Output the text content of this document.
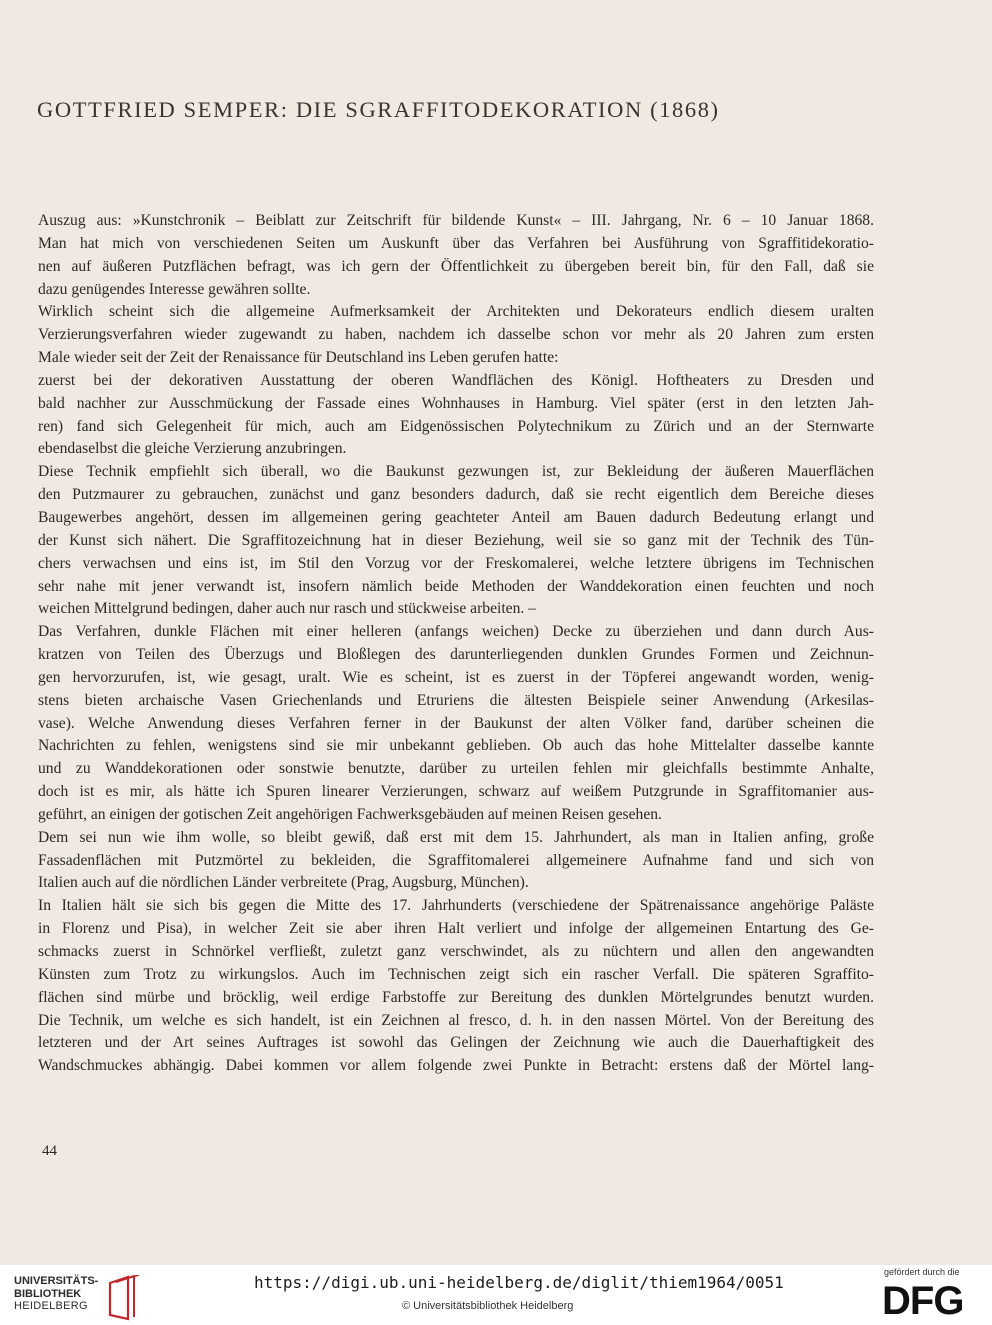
GOTTFRIED SEMPER: DIE SGRAFFITODEKORATION (1868)
Auszug aus: »Kunstchronik – Beiblatt zur Zeitschrift für bildende Kunst« – III. Jahrgang, Nr. 6 – 10 Januar 1868.
Man hat mich von verschiedenen Seiten um Auskunft über das Verfahren bei Ausführung von Sgraffitidekoratio-
nen auf äußeren Putzflächen befragt, was ich gern der Öffentlichkeit zu übergeben bereit bin, für den Fall, daß sie
dazu genügendes Interesse gewähren sollte.
Wirklich scheint sich die allgemeine Aufmerksamkeit der Architekten und Dekorateurs endlich diesem uralten
Verzierungsverfahren wieder zugewandt zu haben, nachdem ich dasselbe schon vor mehr als 20 Jahren zum ersten
Male wieder seit der Zeit der Renaissance für Deutschland ins Leben gerufen hatte:
zuerst bei der dekorativen Ausstattung der oberen Wandflächen des Königl. Hoftheaters zu Dresden und
bald nachher zur Ausschmückung der Fassade eines Wohnhauses in Hamburg. Viel später (erst in den letzten Jah-
ren) fand sich Gelegenheit für mich, auch am Eidgenössischen Polytechnikum zu Zürich und an der Sternwarte
ebendaselbst die gleiche Verzierung anzubringen.
Diese Technik empfiehlt sich überall, wo die Baukunst gezwungen ist, zur Bekleidung der äußeren Mauerflächen
den Putzmaurer zu gebrauchen, zunächst und ganz besonders dadurch, daß sie recht eigentlich dem Bereiche dieses
Baugewerbes angehört, dessen im allgemeinen gering geachteter Anteil am Bauen dadurch Bedeutung erlangt und
der Kunst sich nähert. Die Sgraffitozeichnung hat in dieser Beziehung, weil sie so ganz mit der Technik des Tün-
chers verwachsen und eins ist, im Stil den Vorzug vor der Freskomalerei, welche letztere übrigens im Technischen
sehr nahe mit jener verwandt ist, insofern nämlich beide Methoden der Wanddekoration einen feuchten und noch
weichen Mittelgrund bedingen, daher auch nur rasch und stückweise arbeiten. –
Das Verfahren, dunkle Flächen mit einer helleren (anfangs weichen) Decke zu überziehen und dann durch Aus-
kratzen von Teilen des Überzugs und Bloßlegen des darunterliegenden dunklen Grundes Formen und Zeichnun-
gen hervorzurufen, ist, wie gesagt, uralt. Wie es scheint, ist es zuerst in der Töpferei angewandt worden, wenig-
stens bieten archaische Vasen Griechenlands und Etruriens die ältesten Beispiele seiner Anwendung (Arkesilas-
vase). Welche Anwendung dieses Verfahren ferner in der Baukunst der alten Völker fand, darüber scheinen die
Nachrichten zu fehlen, wenigstens sind sie mir unbekannt geblieben. Ob auch das hohe Mittelalter dasselbe kannte
und zu Wanddekorationen oder sonstwie benutzte, darüber zu urteilen fehlen mir gleichfalls bestimmte Anhalte,
doch ist es mir, als hätte ich Spuren linearer Verzierungen, schwarz auf weißem Putzgrunde in Sgraffitomanier aus-
geführt, an einigen der gotischen Zeit angehörigen Fachwerksgebäuden auf meinen Reisen gesehen.
Dem sei nun wie ihm wolle, so bleibt gewiß, daß erst mit dem 15. Jahrhundert, als man in Italien anfing, große
Fassadenflächen mit Putzmörtel zu bekleiden, die Sgraffitomalerei allgemeinere Aufnahme fand und sich von
Italien auch auf die nördlichen Länder verbreitete (Prag, Augsburg, München).
In Italien hält sie sich bis gegen die Mitte des 17. Jahrhunderts (verschiedene der Spätrenaissance angehörige Paläste
in Florenz und Pisa), in welcher Zeit sie aber ihren Halt verliert und infolge der allgemeinen Entartung des Ge-
schmacks zuerst in Schnörkel verfließt, zuletzt ganz verschwindet, als zu nüchtern und allen den angewandten
Künsten zum Trotz zu wirkungslos. Auch im Technischen zeigt sich ein rascher Verfall. Die späteren Sgraffito-
flächen sind mürbe und bröcklig, weil erdige Farbstoffe zur Bereitung des dunklen Mörtelgrundes benutzt wurden.
Die Technik, um welche es sich handelt, ist ein Zeichnen al fresco, d. h. in den nassen Mörtel. Von der Bereitung des
letzteren und der Art seines Auftrages ist sowohl das Gelingen der Zeichnung wie auch die Dauerhaftigkeit des
Wandschmuckes abhängig. Dabei kommen vor allem folgende zwei Punkte in Betracht: erstens daß der Mörtel lang-
44
UNIVERSITÄTS-
BIBLIOTHEK
HEIDELBERG
https://digi.ub.uni-heidelberg.de/diglit/thiem1964/0051
© Universitätsbibliothek Heidelberg
gefördert durch die
DFG
